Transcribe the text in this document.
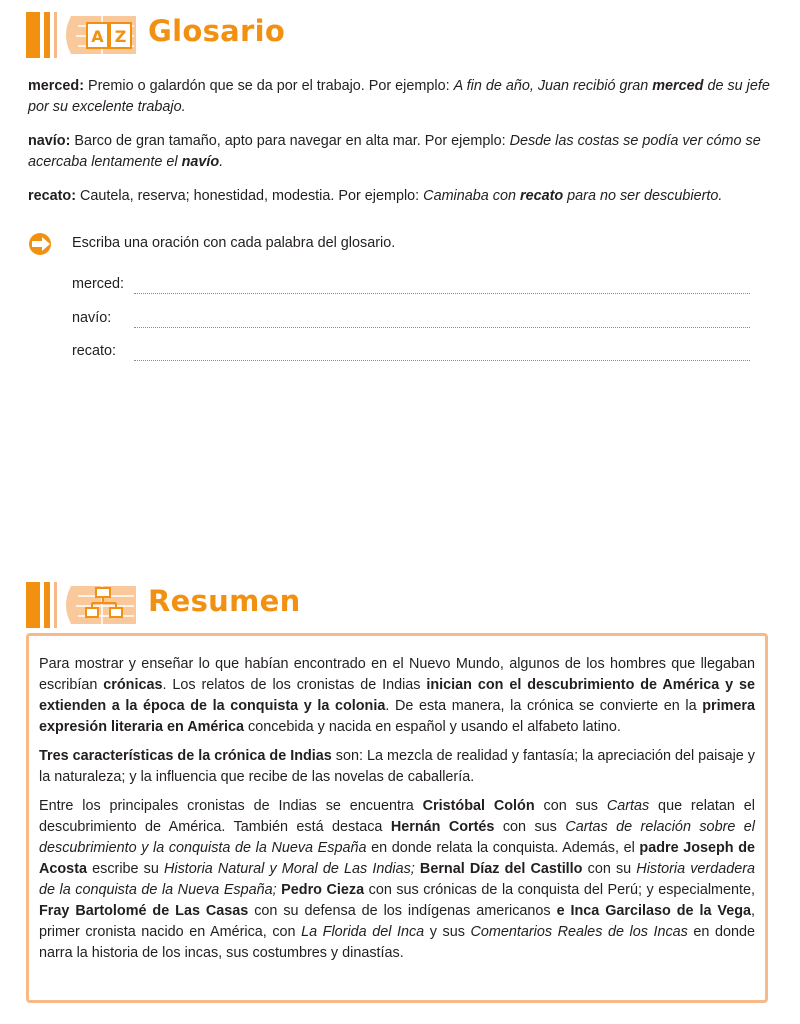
A Z Glosario
merced: Premio o galardón que se da por el trabajo. Por ejemplo: A fin de año, Juan recibió gran merced de su jefe por su excelente trabajo.
navío: Barco de gran tamaño, apto para navegar en alta mar. Por ejemplo: Desde las costas se podía ver cómo se acercaba lentamente el navío.
recato: Cautela, reserva; honestidad, modestia. Por ejemplo: Caminaba con recato para no ser descubierto.
Escriba una oración con cada palabra del glosario.
merced:
navío:
recato:
Resumen

Para mostrar y enseñar lo que habían encontrado en el Nuevo Mundo, algunos de los hombres que llegaban escribían crónicas. Los relatos de los cronistas de Indias inician con el descubrimiento de América y se extienden a la época de la conquista y la colonia. De esta manera, la crónica se convierte en la primera expresión literaria en América concebida y nacida en español y usando el alfabeto latino.

Tres características de la crónica de Indias son: La mezcla de realidad y fantasía; la apreciación del paisaje y la naturaleza; y la influencia que recibe de las novelas de caballería.

Entre los principales cronistas de Indias se encuentra Cristóbal Colón con sus Cartas que relatan el descubrimiento de América. También está destaca Hernán Cortés con sus Cartas de relación sobre el descubrimiento y la conquista de la Nueva España en donde relata la conquista. Además, el padre Joseph de Acosta escribe su Historia Natural y Moral de Las Indias; Bernal Díaz del Castillo con su Historia verdadera de la conquista de la Nueva España; Pedro Cieza con sus crónicas de la conquista del Perú; y especialmente, Fray Bartolomé de Las Casas con su defensa de los indígenas americanos e Inca Garcilaso de la Vega, primer cronista nacido en América, con La Florida del Inca y sus Comentarios Reales de los Incas en donde narra la historia de los incas, sus costumbres y dinastías.
